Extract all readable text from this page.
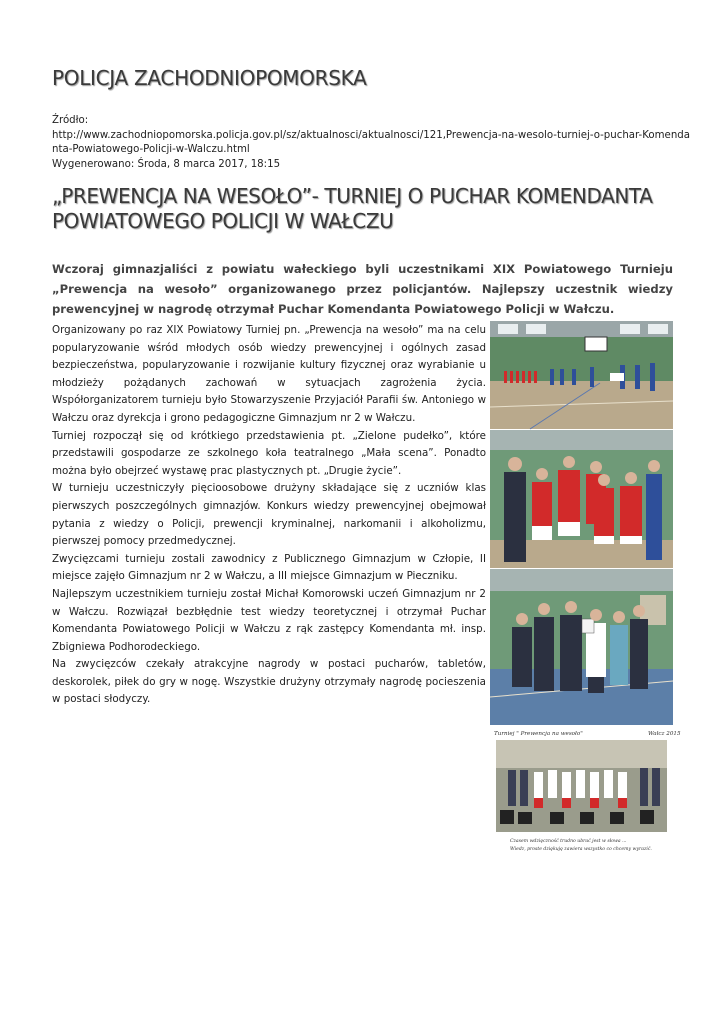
POLICJA ZACHODNIOPOMORSKA
Źródło:
http://www.zachodniopomorska.policja.gov.pl/sz/aktualnosci/aktualnosci/121,Prewencja-na-wesolo-turniej-o-puchar-Komenda
nta-Powiatowego-Policji-w-Walczu.html
Wygenerowano: Środa, 8 marca 2017, 18:15
„PREWENCJA NA WESOŁO”- TURNIEJ O PUCHAR KOMENDANTA POWIATOWEGO POLICJI W WAŁCZU
Wczoraj gimnazjaliści z powiatu wałeckiego byli uczestnikami XIX Powiatowego Turnieju „Prewencja na wesoło” organizowanego przez policjantów. Najlepszy uczestnik wiedzy prewencyjnej w nagrodę otrzymał Puchar Komendanta Powiatowego Policji w Wałczu.

Organizowany po raz XIX Powiatowy Turniej pn. „Prewencja na wesoło” ma na celu popularyzowanie wśród młodych osób wiedzy prewencyjnej i ogólnych zasad bezpieczeństwa, popularyzowanie i rozwijanie kultury fizycznej oraz wyrabianie u młodzieży pożądanych zachowań w sytuacjach zagrożenia życia. Współorganizatorem turnieju było Stowarzyszenie Przyjaciół Parafii św. Antoniego w Wałczu oraz dyrekcja i grono pedagogiczne Gimnazjum nr 2 w Wałczu.

Turniej rozpoczął się od krótkiego przedstawienia pt. „Zielone pudełko”, które przedstawili gospodarze ze szkolnego koła teatralnego „Mała scena”. Ponadto można było obejrzeć wystawę prac plastycznych pt. „Drugie życie”.

W turnieju uczestniczyły pięcioosobowe drużyny składające się z uczniów klas pierwszych poszczególnych gimnazjów. Konkurs wiedzy prewencyjnej obejmował pytania z wiedzy o Policji, prewencji kryminalnej, narkomanii i alkoholizmu, pierwszej pomocy przedmedycznej.

Zwycięzcami turnieju zostali zawodnicy z Publicznego Gimnazjum w Człopie, II miejsce zajęło Gimnazjum nr 2 w Wałczu, a III miejsce Gimnazjum w Pieczniku.

Najlepszym uczestnikiem turnieju został Michał Komorowski uczeń Gimnazjum nr 2 w Wałczu. Rozwiązał bezbłędnie test wiedzy teoretycznej i otrzymał Puchar Komendanta Powiatowego Policji w Wałczu z rąk zastępcy Komendanta mł. insp. Zbigniewa Podhorodeckiego.

Na zwycięzców czekały atrakcyjne nagrody w postaci pucharów, tabletów, deskorolek, piłek do gry w nogę. Wszystkie drużyny otrzymały nagrodę pocieszenia w postaci słodyczy.

Turniej " Prewencja na wesoło"	Wałcz 2015
Czasem wdzięczność trudno ubrać jest w słowa ...
Wiedz, proste dziękuję zawiera wszystko co chcemy wyrazić.
